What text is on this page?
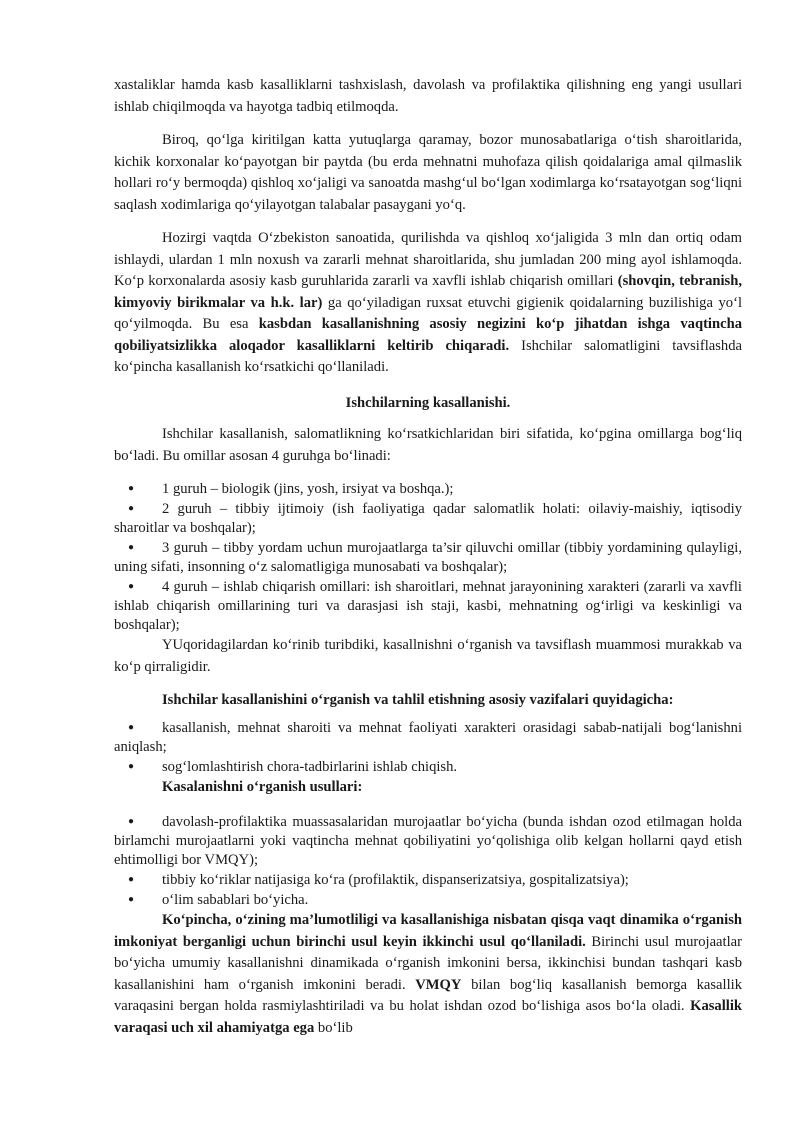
xastaliklar hamda kasb kasalliklarni tashxislash, davolash va profilaktika qilishning eng yangi usullari ishlab chiqilmoqda va hayotga tadbiq etilmoqda.

Biroq, qo‘lga kiritilgan katta yutuqlarga qaramay, bozor munosabatlariga o‘tish sharoitlarida, kichik korxonalar ko‘payotgan bir paytda (bu erda mehnatni muhofaza qilish qoidalariga amal qilmaslik hollari ro‘y bermoqda) qishloq xo‘jaligi va sanoatda mashg‘ul bo‘lgan xodimlarga ko‘rsatayotgan sog‘liqni saqlash xodimlariga qo‘yilayotgan talabalar pasaygani yo‘q.

Hozirgi vaqtda O‘zbekiston sanoatida, qurilishda va qishloq xo‘jaligida 3 mln dan ortiq odam ishlaydi, ulardan 1 mln noxush va zararli mehnat sharoitlarida, shu jumladan 200 ming ayol ishlamoqda. Ko‘p korxonalarda asosiy kasb guruhlarida zararli va xavfli ishlab chiqarish omillari (shovqin, tebranish, kimyoviy birikmalar va h.k. lar) ga qo‘yiladigan ruxsat etuvchi gigienik qoidalarning buzilishiga yo‘l qo‘yilmoqda. Bu esa kasbdan kasallanishning asosiy negizini ko‘p jihatdan ishga vaqtincha qobiliyatsizlikka aloqador kasalliklarni keltirib chiqaradi. Ishchilar salomatligini tavsiflashda ko‘pincha kasallanish ko‘rsatkichi qo‘llaniladi.

Ishchilarning kasallanishi.

Ishchilar kasallanish, salomatlikning ko‘rsatkichlaridan biri sifatida, ko‘pgina omillarga bog‘liq bo‘ladi. Bu omillar asosan 4 guruhga bo‘linadi:

● 1 guruh – biologik (jins, yosh, irsiyat va boshqa.);
● 2 guruh – tibbiy ijtimoiy (ish faoliyatiga qadar salomatlik holati: oilaviy-maishiy, iqtisodiy sharoitlar va boshqalar);
● 3 guruh – tibby yordam uchun murojaatlarga ta’sir qiluvchi omillar (tibbiy yordamining qulayligi, uning sifati, insonning o‘z salomatligiga munosabati va boshqalar);
● 4 guruh – ishlab chiqarish omillari: ish sharoitlari, mehnat jarayonining xarakteri (zararli va xavfli ishlab chiqarish omillarining turi va darasjasi ish staji, kasbi, mehnatning og‘irligi va keskinligi va boshqalar);

YUqoridagilardan ko‘rinib turibdiki, kasallnishni o‘rganish va tavsiflash muammosi murakkab va ko‘p qirraligidir.

Ishchilar kasallanishini o‘rganish va tahlil etishning asosiy vazifalari quyidagicha:

● kasallanish, mehnat sharoiti va mehnat faoliyati xarakteri orasidagi sabab-natijali bog‘lanishni aniqlash;
● sog‘lomlashtirish chora-tadbirlarini ishlab chiqish.

Kasalanishni o‘rganish usullari:

● davolash-profilaktika muassasalaridan murojaatlar bo‘yicha (bunda ishdan ozod etilmagan holda birlamchi murojaatlarni yoki vaqtincha mehnat qobiliyatini yo‘qolishiga olib kelgan hollarni qayd etish ehtimolligi bor VMQY);
● tibbiy ko‘riklar natijasiga ko‘ra (profilaktik, dispanserizatsiya, gospitalizatsiya);
● o‘lim sabablari bo‘yicha.

Ko‘pincha, o‘zining ma’lumotliligi va kasallanishiga nisbatan qisqa vaqt dinamika o‘rganish imkoniyat berganligi uchun birinchi usul keyin ikkinchi usul qo‘llaniladi. Birinchi usul murojaatlar bo‘yicha umumiy kasallanishni dinamikada o‘rganish imkonini bersa, ikkinchisi bundan tashqari kasb kasallanishini ham o‘rganish imkonini beradi. VMQY bilan bog‘liq kasallanish bemorga kasallik varaqasini bergan holda rasmiylashtiriladi va bu holat ishdan ozod bo‘lishiga asos bo‘la oladi. Kasallik varaqasi uch xil ahamiyatga ega bo‘lib
